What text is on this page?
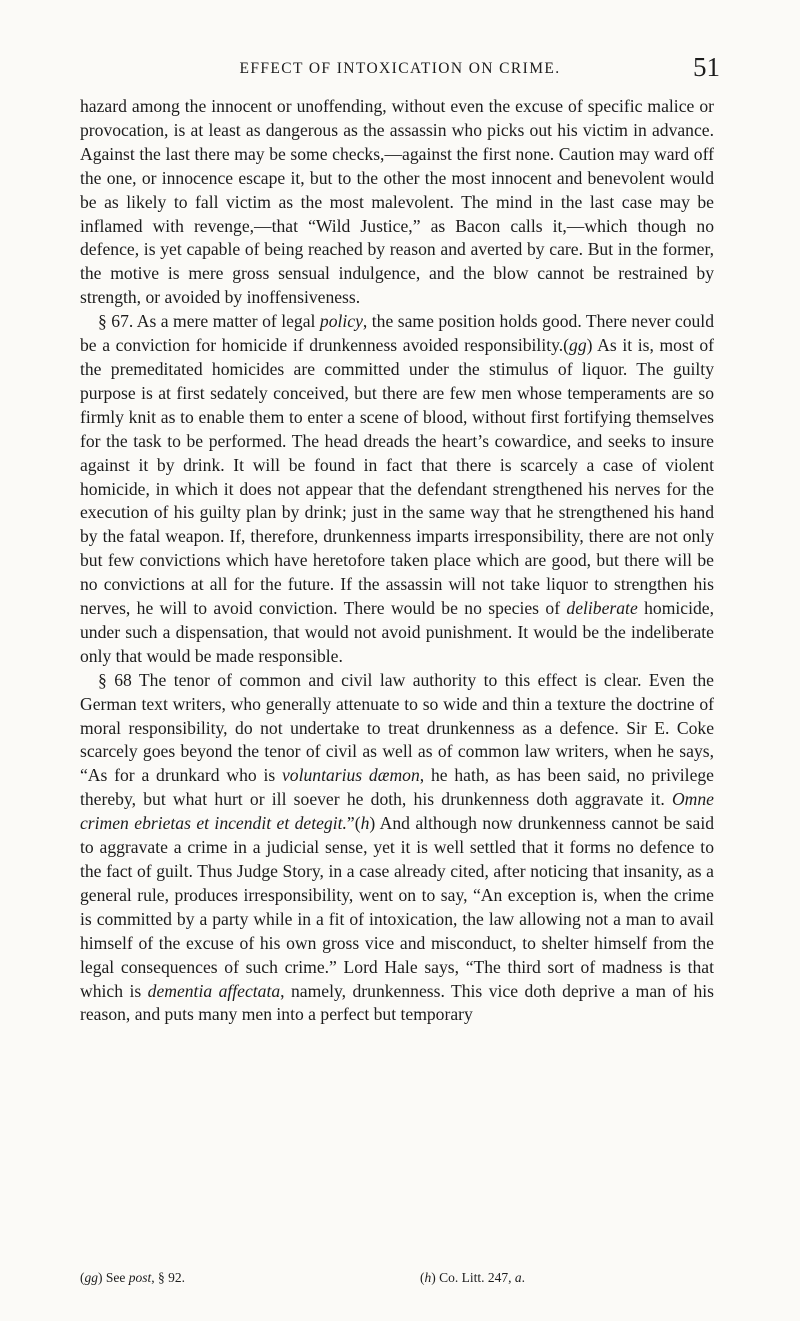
EFFECT OF INTOXICATION ON CRIME.	51

hazard among the innocent or unoffending, without even the excuse of specific malice or provocation, is at least as dangerous as the assassin who picks out his victim in advance. Against the last there may be some checks,—against the first none. Caution may ward off the one, or innocence escape it, but to the other the most innocent and benevolent would be as likely to fall victim as the most malevolent. The mind in the last case may be inflamed with revenge,—that “Wild Justice,” as Bacon calls it,—which though no defence, is yet capable of being reached by reason and averted by care. But in the former, the motive is mere gross sensual indulgence, and the blow cannot be restrained by strength, or avoided by inoffensiveness.

§ 67. As a mere matter of legal policy, the same position holds good. There never could be a conviction for homicide if drunkenness avoided responsibility.(gg) As it is, most of the premeditated homicides are committed under the stimulus of liquor. The guilty purpose is at first sedately conceived, but there are few men whose temperaments are so firmly knit as to enable them to enter a scene of blood, without first fortifying themselves for the task to be performed. The head dreads the heart’s cowardice, and seeks to insure against it by drink. It will be found in fact that there is scarcely a case of violent homicide, in which it does not appear that the defendant strengthened his nerves for the execution of his guilty plan by drink; just in the same way that he strengthened his hand by the fatal weapon. If, therefore, drunkenness imparts irresponsibility, there are not only but few convictions which have heretofore taken place which are good, but there will be no convictions at all for the future. If the assassin will not take liquor to strengthen his nerves, he will to avoid conviction. There would be no species of deliberate homicide, under such a dispensation, that would not avoid punishment. It would be the indeliberate only that would be made responsible.

§ 68 The tenor of common and civil law authority to this effect is clear. Even the German text writers, who generally attenuate to so wide and thin a texture the doctrine of moral responsibility, do not undertake to treat drunkenness as a defence. Sir E. Coke scarcely goes beyond the tenor of civil as well as of common law writers, when he says, “As for a drunkard who is voluntarius dæmon, he hath, as has been said, no privilege thereby, but what hurt or ill soever he doth, his drunkenness doth aggravate it. Omne crimen ebrietas et incendit et detegit.”(h) And although now drunkenness cannot be said to aggravate a crime in a judicial sense, yet it is well settled that it forms no defence to the fact of guilt. Thus Judge Story, in a case already cited, after noticing that insanity, as a general rule, produces irresponsibility, went on to say, “An exception is, when the crime is committed by a party while in a fit of intoxication, the law allowing not a man to avail himself of the excuse of his own gross vice and misconduct, to shelter himself from the legal consequences of such crime.” Lord Hale says, “The third sort of madness is that which is dementia affectata, namely, drunkenness. This vice doth deprive a man of his reason, and puts many men into a perfect but temporary

(gg) See post, § 92.	(h) Co. Litt. 247, a.
